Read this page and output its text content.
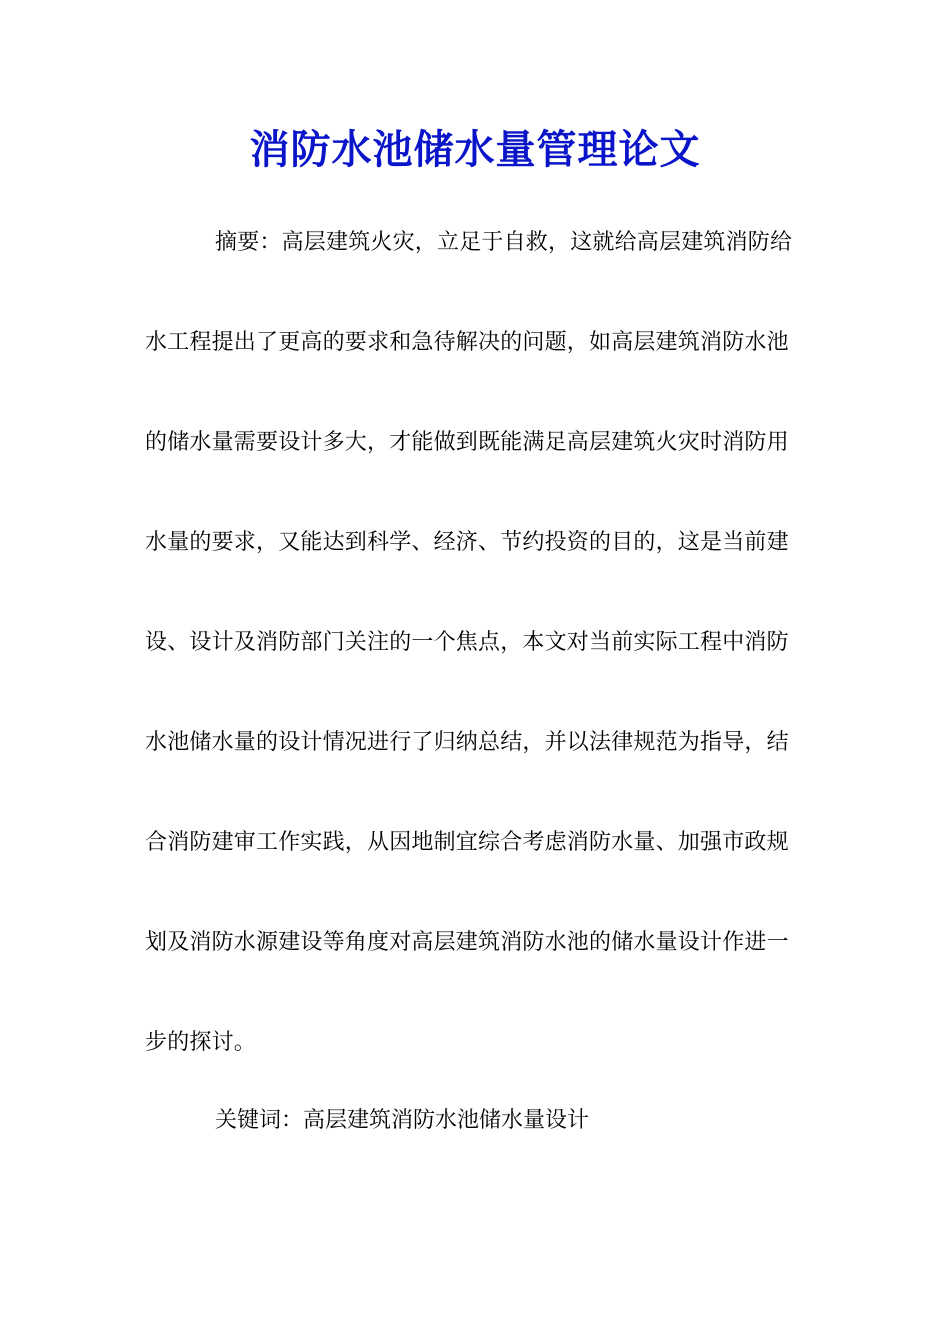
消防水池储水量管理论文
摘要：高层建筑火灾，立足于自救，这就给高层建筑消防给
水工程提出了更高的要求和急待解决的问题，如高层建筑消防水池
的储水量需要设计多大，才能做到既能满足高层建筑火灾时消防用
水量的要求，又能达到科学、经济、节约投资的目的，这是当前建
设、设计及消防部门关注的一个焦点，本文对当前实际工程中消防
水池储水量的设计情况进行了归纳总结，并以法律规范为指导，结
合消防建审工作实践，从因地制宜综合考虑消防水量、加强市政规
划及消防水源建设等角度对高层建筑消防水池的储水量设计作进一
步的探讨。

关键词：高层建筑消防水池储水量设计
